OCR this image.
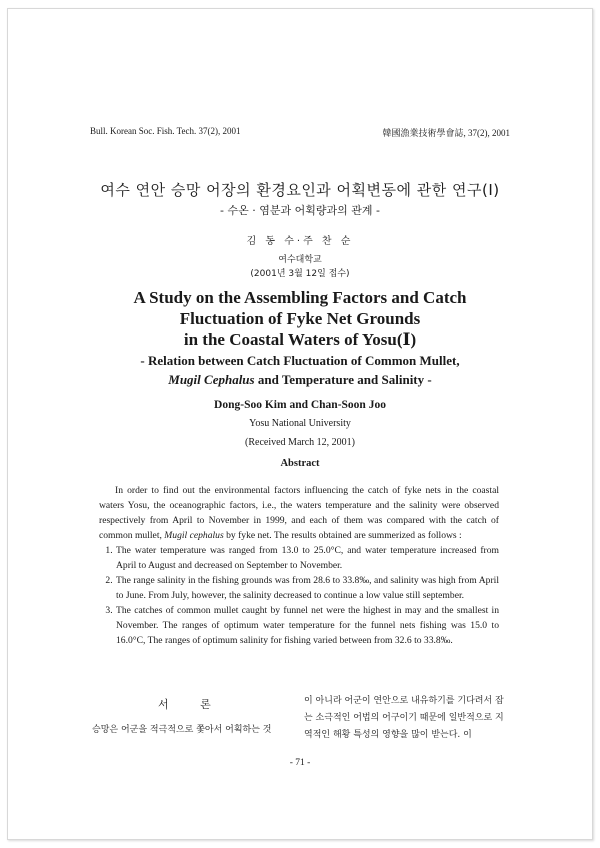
Bull. Korean Soc. Fish. Tech. 37(2), 2001	韓國漁業技術學會誌, 37(2), 2001
여수 연안 승망 어장의 환경요인과 어획변동에 관한 연구(Ⅰ)
- 수온 · 염분과 어획량과의 관계 -
김 동 수·주 찬 순
여수대학교
(2001년 3월 12일 접수)
A Study on the Assembling Factors and Catch
Fluctuation of Fyke Net Grounds
in the Coastal Waters of Yosu(Ⅰ)
- Relation between Catch Fluctuation of Common Mullet,
Mugil Cephalus and Temperature and Salinity -
Dong-Soo Kim and Chan-Soon Joo
Yosu National University
(Received March 12, 2001)
Abstract

In order to find out the environmental factors influencing the catch of fyke nets in the coastal waters Yosu, the oceanographic factors, i.e., the waters temperature and the salinity were observed respectively from April to November in 1999, and each of them was compared with the catch of common mullet, Mugil cephalus by fyke net. The results obtained are summerized as follows :

1. The water temperature was ranged from 13.0 to 25.0°C, and water temperature increased from April to August and decreased on September to November.
2. The range salinity in the fishing grounds was from 28.6 to 33.8‰, and salinity was high from April to June. From July, however, the salinity decreased to continue a low value still september.
3. The catches of common mullet caught by funnel net were the highest in may and the smallest in November. The ranges of optimum water temperature for the funnel nets fishing was 15.0 to 16.0°C, The ranges of optimum salinity for fishing varied between from 32.6 to 33.8‰.
서 론
승망은 어군을 적극적으로 쫓아서 어획하는 것
이 아니라 어군이 연안으로 내유하기를 기다려서 잡는 소극적인 어법의 어구이기 때문에 일반적으로 지역적인 해황 특성의 영향을 많이 받는다. 이
- 71 -
